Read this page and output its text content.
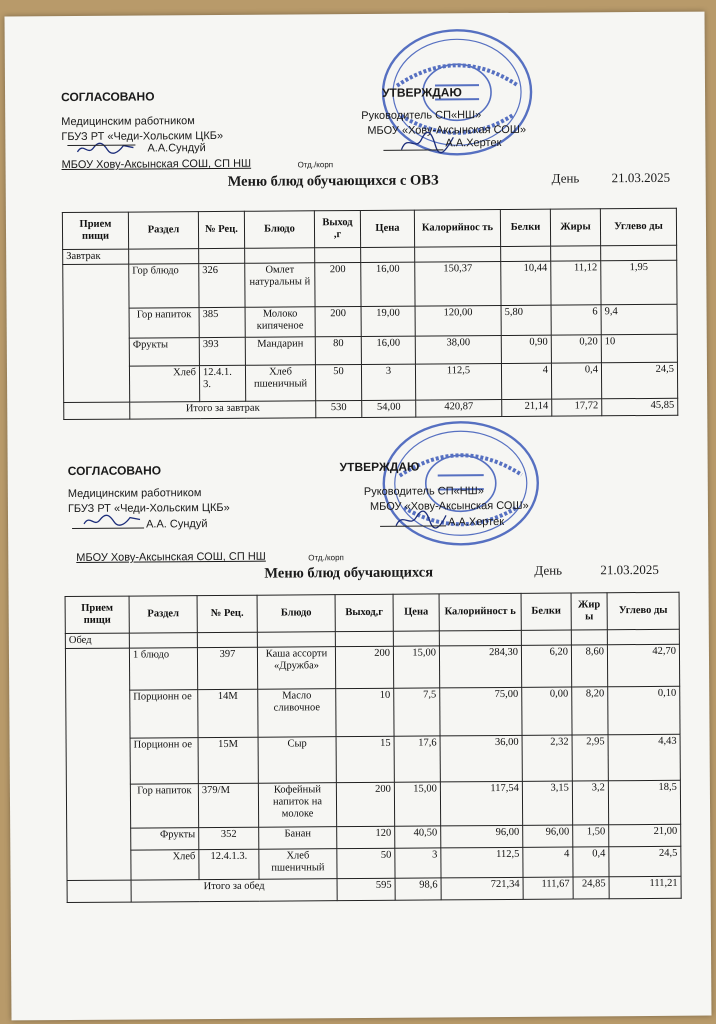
СОГЛАСОВАНО
Медицинским работником
ГБУЗ РТ «Чеди-Хольским ЦКБ»
А.А.Сундуй
МБОУ Хову-Аксынская СОШ, СП НШ	Отд./корп
УТВЕРЖДАЮ
Руководитель СП«НШ»
МБОУ «Хову-Аксынская СОШ»
А.А.Хертек
Меню блюд обучающихся с ОВЗ	День 21.03.2025
Прием пищи	Раздел	№ Рец.	Блюдо	Выход ,г	Цена	Калорийнос ть	Белки	Жиры	Углево ды
Завтрак									
	Гор блюдо	326	Омлет натуральны й	200	16,00	150,37	10,44	11,12	1,95
	Гор напиток	385	Молоко кипяченое	200	19,00	120,00	5,80	6	9,4
	Фрукты	393	Мандарин	80	16,00	38,00	0,90	0,20	10
	Хлеб	12.4.1. 3.	Хлеб пшеничный	50	3	112,5	4	0,4	24,5
	Итого за завтрак			530	54,00	420,87	21,14	17,72	45,85
СОГЛАСОВАНО	УТВЕРЖДАЮ
Медицинским работником
ГБУЗ РТ «Чеди-Хольским ЦКБ»
А.А. Сундуй
МБОУ Хову-Аксынская СОШ, СП НШ	Отд./корп
Руководитель СП«НШ»
МБОУ «Хову-Аксынская СОШ»
А.А.Хертек
Меню блюд обучающихся	День	21.03.2025
Прием пищи	Раздел	№ Рец.	Блюдо	Выход,г	Цена	Калорийност ь	Белки	Жир ы	Углево ды
Обед									
	1 блюдо	397	Каша ассорти «Дружба»	200	15,00	284,30	6,20	8,60	42,70
	Порционн ое	14М	Масло сливочное	10	7,5	75,00	0,00	8,20	0,10
	Порционн ое	15М	Сыр	15	17,6	36,00	2,32	2,95	4,43
	Гор напиток	379/М	Кофейный напиток на молоке	200	15,00	117,54	3,15	3,2	18,5
	Фрукты	352	Банан	120	40,50	96,00	96,00	1,50	21,00
	Хлеб	12.4.1.3.	Хлеб пшеничный	50	3	112,5	4	0,4	24,5
	Итого за обед			595	98,6	721,34	111,67	24,85	111,21
